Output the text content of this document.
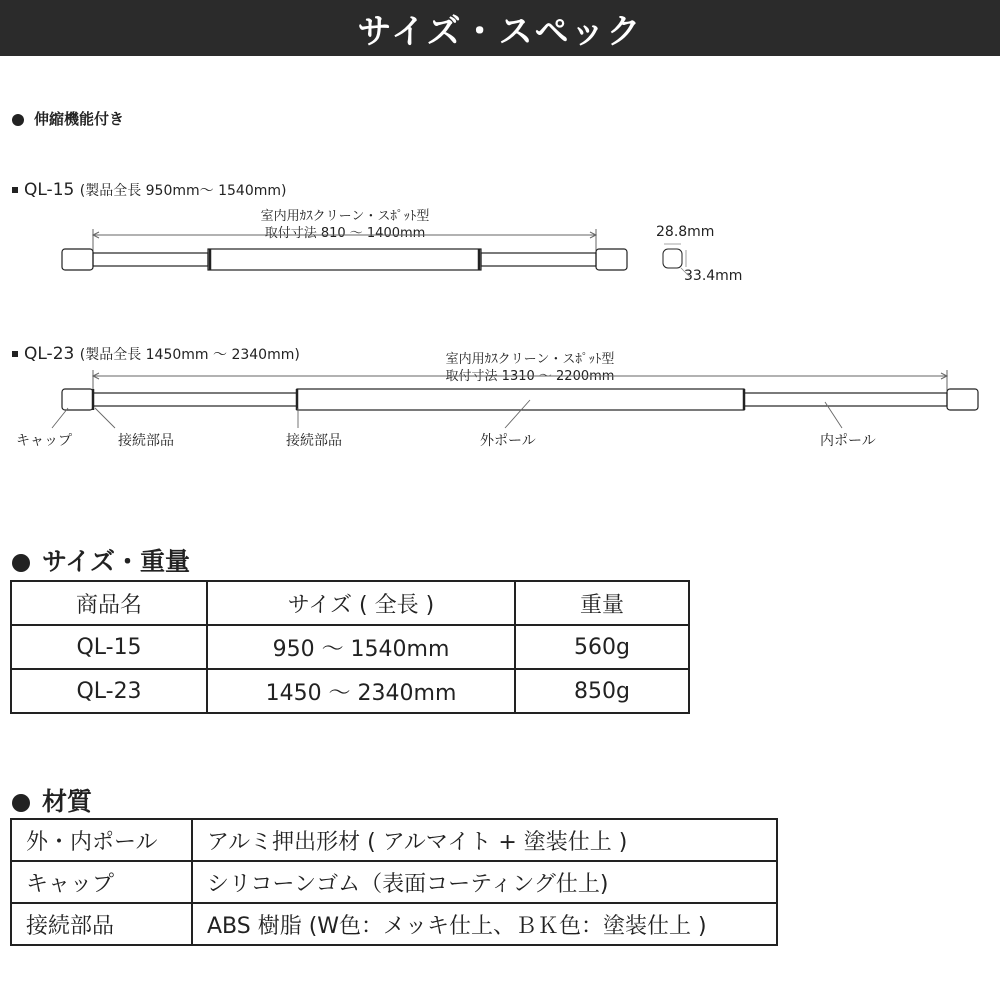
サイズ・スペック
伸縮機能付き
QL-15 (製品全長 950mm〜 1540mm)
室内用ｶｽクリーン・スﾎﾟｯﾄ型
取付寸法 810 〜 1400mm	28.8mm
33.4mm
QL-23 (製品全長 1450mm 〜 2340mm)	室内用ｶｽクリーン・スﾎﾟｯﾄ型
取付寸法 1310 〜 2200mm
キャップ	接続部品	接続部品	外ポール	内ポール
サイズ・重量
商品名	サイズ ( 全長 )	重量
QL-15	950 〜 1540mm	560g
QL-23	1450 〜 2340mm	850g
材質
外・内ポール	アルミ押出形材 ( アルマイト + 塗装仕上 )
キャップ	シリコーンゴム（表面コーティング仕上)
接続部品	ABS 樹脂 (W色：メッキ仕上、ＢＫ色：塗装仕上 )
